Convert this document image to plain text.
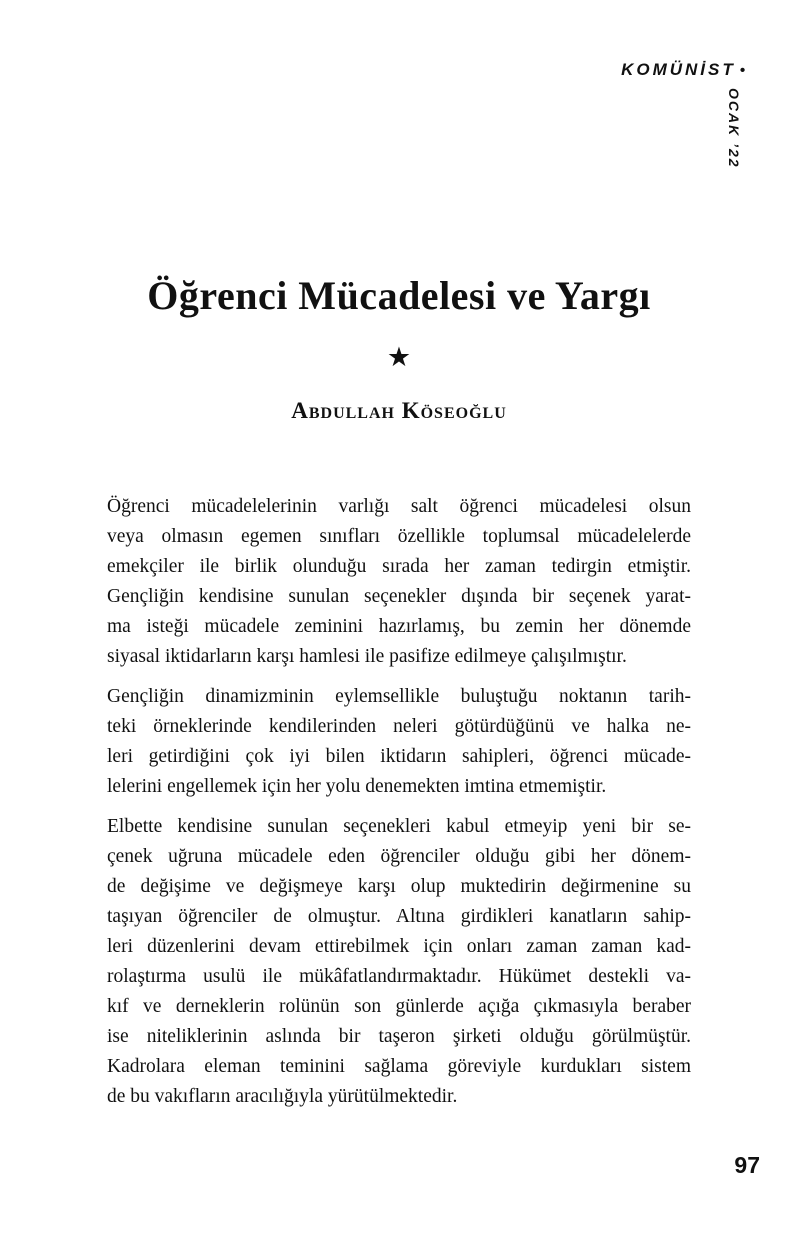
KOMÜNİST •
OCAK ’22
Öğrenci Mücadelesi ve Yargı
★
Abdullah Köseoğlu
Öğrenci mücadelelerinin varlığı salt öğrenci mücadelesi olsun
veya olmasın egemen sınıfları özellikle toplumsal mücadelelerde
emekçiler ile birlik olunduğu sırada her zaman tedirgin etmiştir.
Gençliğin kendisine sunulan seçenekler dışında bir seçenek yarat-
ma isteği mücadele zeminini hazırlamış, bu zemin her dönemde
siyasal iktidarların karşı hamlesi ile pasifize edilmeye çalışılmıştır.
Gençliğin dinamizminin eylemsellikle buluştuğu noktanın tarih-
teki örneklerinde kendilerinden neleri götürdüğünü ve halka ne-
leri getirdiğini çok iyi bilen iktidarın sahipleri, öğrenci mücade-
lelerini engellemek için her yolu denemekten imtina etmemiştir.
Elbette kendisine sunulan seçenekleri kabul etmeyip yeni bir se-
çenek uğruna mücadele eden öğrenciler olduğu gibi her dönem-
de değişime ve değişmeye karşı olup muktedirin değirmenine su
taşıyan öğrenciler de olmuştur. Altına girdikleri kanatların sahip-
leri düzenlerini devam ettirebilmek için onları zaman zaman kad-
rolaştırma usulü ile mükâfatlandırmaktadır. Hükümet destekli va-
kıf ve derneklerin rolünün son günlerde açığa çıkmasıyla beraber
ise niteliklerinin aslında bir taşeron şirketi olduğu görülmüştür.
Kadrolara eleman teminini sağlama göreviyle kurdukları sistem
de bu vakıfların aracılığıyla yürütülmektedir.
97
